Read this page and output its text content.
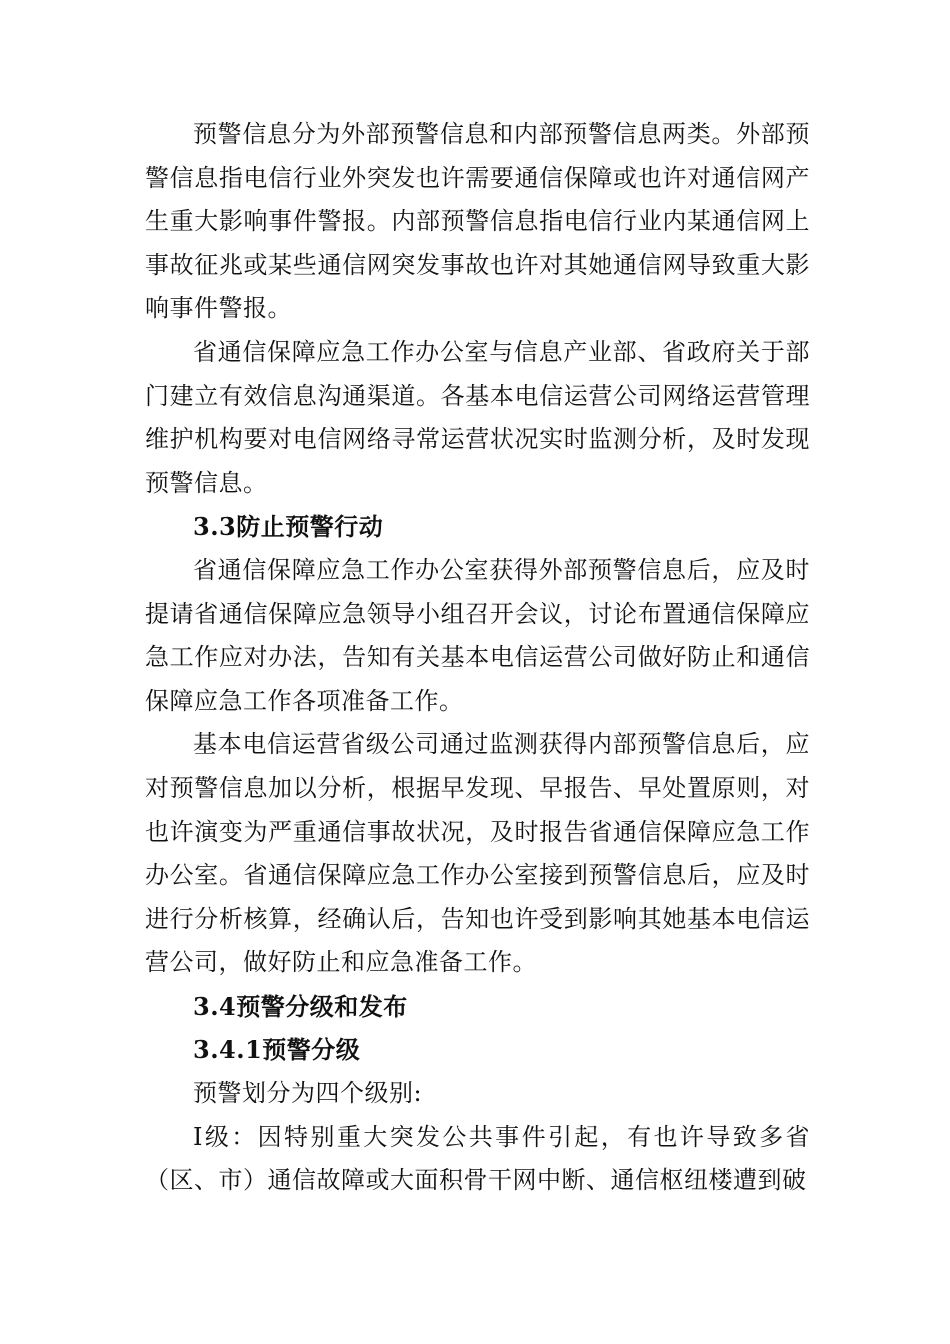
预警信息分为外部预警信息和内部预警信息两类。外部预警信息指电信行业外突发也许需要通信保障或也许对通信网产生重大影响事件警报。内部预警信息指电信行业内某通信网上事故征兆或某些通信网突发事故也许对其她通信网导致重大影响事件警报。

省通信保障应急工作办公室与信息产业部、省政府关于部门建立有效信息沟通渠道。各基本电信运营公司网络运营管理维护机构要对电信网络寻常运营状况实时监测分析，及时发现预警信息。

3.3防止预警行动

省通信保障应急工作办公室获得外部预警信息后，应及时提请省通信保障应急领导小组召开会议，讨论布置通信保障应急工作应对办法，告知有关基本电信运营公司做好防止和通信保障应急工作各项准备工作。

基本电信运营省级公司通过监测获得内部预警信息后，应对预警信息加以分析，根据早发现、早报告、早处置原则，对也许演变为严重通信事故状况，及时报告省通信保障应急工作办公室。省通信保障应急工作办公室接到预警信息后，应及时进行分析核算，经确认后，告知也许受到影响其她基本电信运营公司，做好防止和应急准备工作。

3.4预警分级和发布

3.4.1预警分级

预警划分为四个级别:

Ⅰ级：因特别重大突发公共事件引起，有也许导致多省（区、市）通信故障或大面积骨干网中断、通信枢纽楼遭到破
